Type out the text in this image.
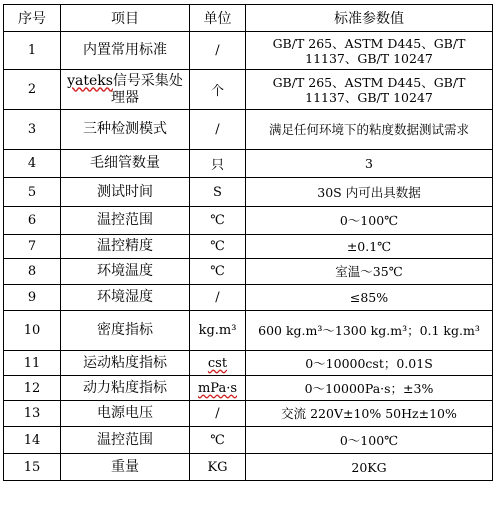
序号	项目	单位	标准参数值
1	内置常用标准	/	GB/T 265、ASTM D445、GB/T 11137、GB/T 10247
2	yateks信号采集处理器	个	GB/T 265、ASTM D445、GB/T 11137、GB/T 10247
3	三种检测模式	/	满足任何环境下的粘度数据测试需求
4	毛细管数量	只	3
5	测试时间	S	30S 内可出具数据
6	温控范围	℃	0～100℃
7	温控精度	℃	±0.1℃
8	环境温度	℃	室温～35℃
9	环境湿度	/	≤85%
10	密度指标	kg.m³	600 kg.m³～1300 kg.m³；0.1 kg.m³
11	运动粘度指标	cst	0～10000cst；0.01S
12	动力粘度指标	mPa·s	0～10000Pa·s；±3%
13	电源电压	/	交流 220V±10% 50Hz±10%
14	温控范围	℃	0～100℃
15	重量	KG	20KG
